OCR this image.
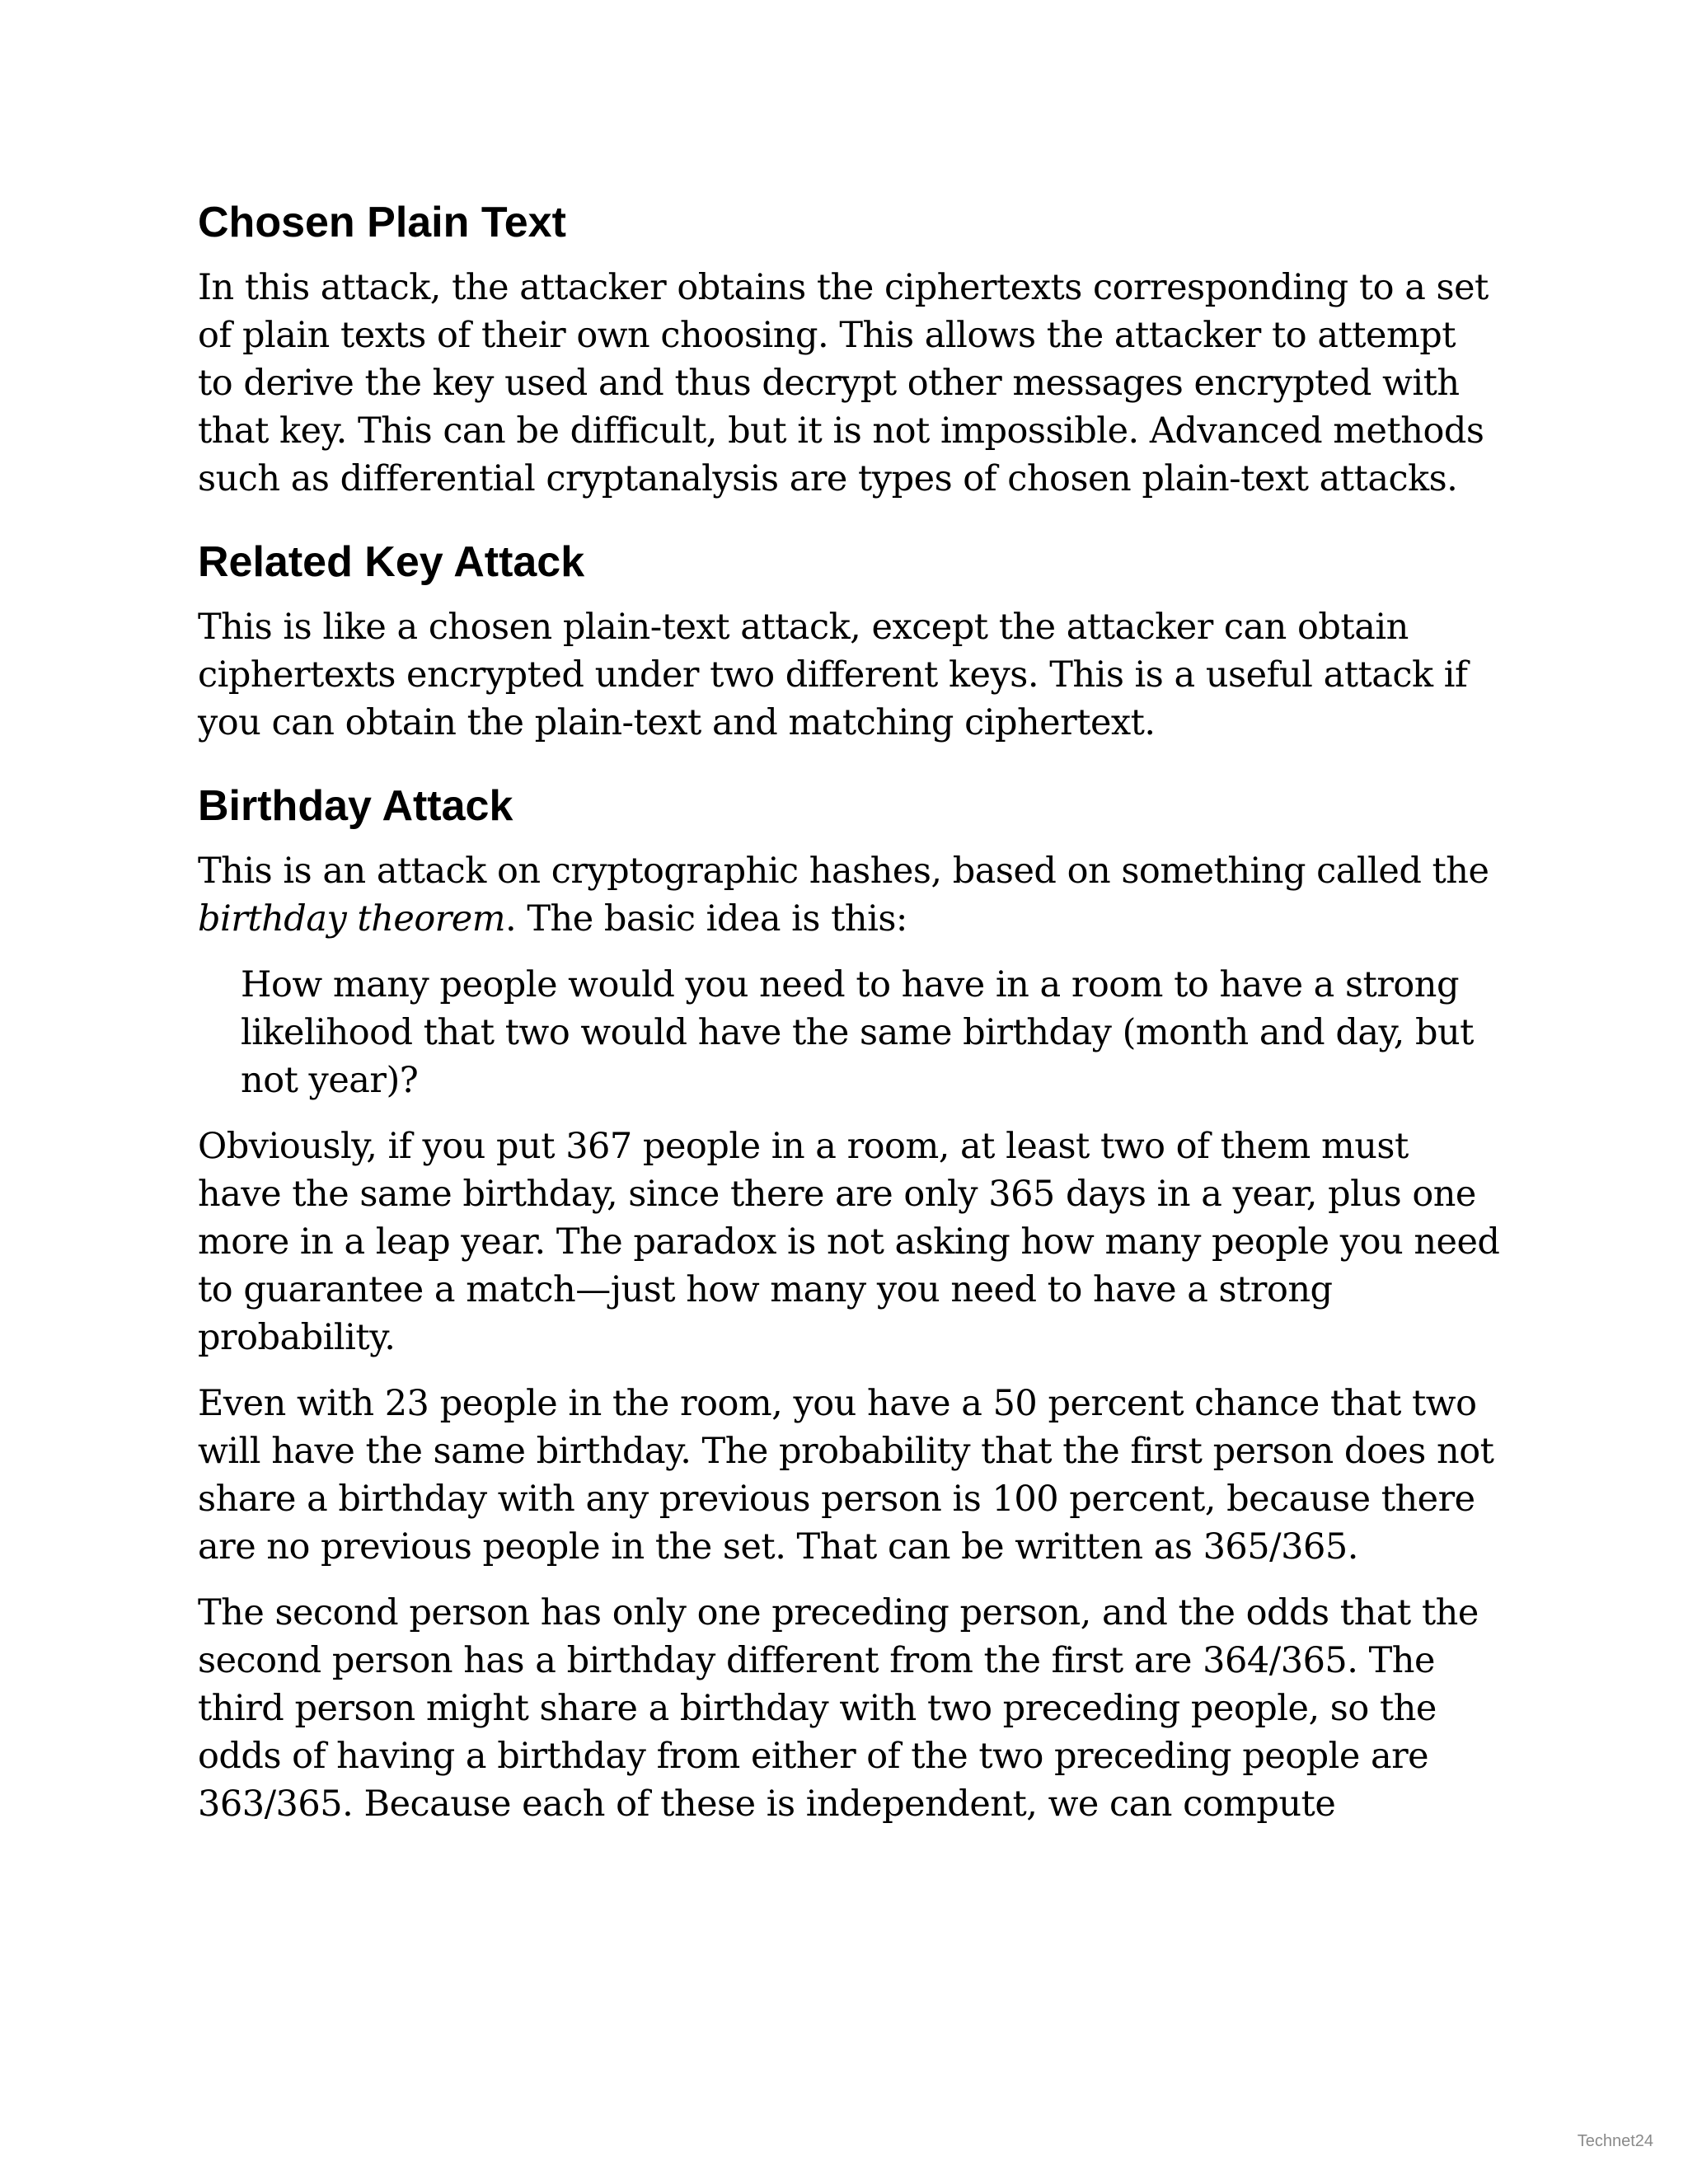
Chosen Plain Text

In this attack, the attacker obtains the ciphertexts corresponding to a set of plain texts of their own choosing. This allows the attacker to attempt to derive the key used and thus decrypt other messages encrypted with that key. This can be difficult, but it is not impossible. Advanced methods such as differential cryptanalysis are types of chosen plain-text attacks.

Related Key Attack

This is like a chosen plain-text attack, except the attacker can obtain ciphertexts encrypted under two different keys. This is a useful attack if you can obtain the plain-text and matching ciphertext.

Birthday Attack

This is an attack on cryptographic hashes, based on something called the birthday theorem. The basic idea is this:

How many people would you need to have in a room to have a strong likelihood that two would have the same birthday (month and day, but not year)?

Obviously, if you put 367 people in a room, at least two of them must have the same birthday, since there are only 365 days in a year, plus one more in a leap year. The paradox is not asking how many people you need to guarantee a match—just how many you need to have a strong probability.

Even with 23 people in the room, you have a 50 percent chance that two will have the same birthday. The probability that the first person does not share a birthday with any previous person is 100 percent, because there are no previous people in the set. That can be written as 365/365.

The second person has only one preceding person, and the odds that the second person has a birthday different from the first are 364/365. The third person might share a birthday with two preceding people, so the odds of having a birthday from either of the two preceding people are 363/365. Because each of these is independent, we can compute

Technet24
